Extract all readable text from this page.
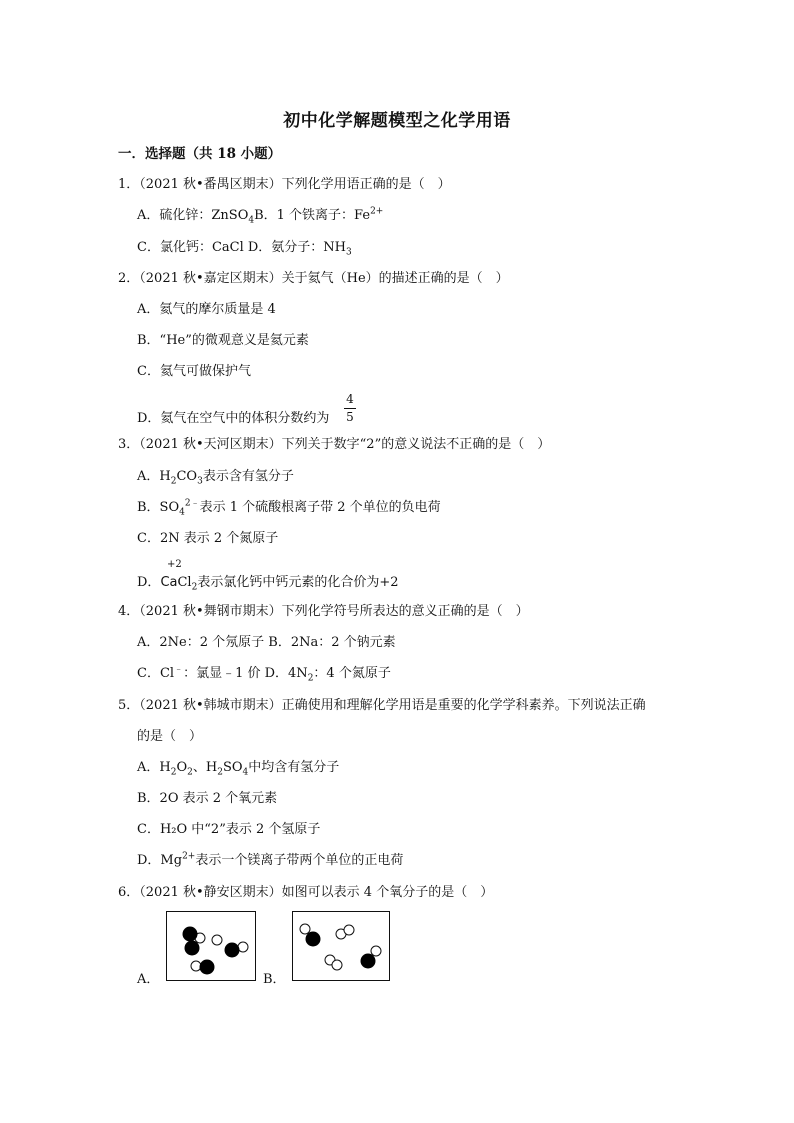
初中化学解题模型之化学用语
一．选择题（共 18 小题）
1．（2021 秋•番禺区期末）下列化学用语正确的是（　）
A．硫化锌：ZnSO$_4$B．1 个铁离子：$Fe^{2+}$
C．氯化钙：CaCl D．氨分子：$NH_3$
2．（2021 秋•嘉定区期末）关于氦气（He）的描述正确的是（　）
A．氦气的摩尔质量是 4
B．“He”的微观意义是氦元素
C．氦气可做保护气
D．氦气在空气中的体积分数约为
4
5
3．（2021 秋•天河区期末）下列关于数字“2”的意义说法不正确的是（　）
A．$H_2CO_3$表示含有氢分子
B．$SO_4^{2﹣}$表示 1 个硫酸根离子带 2 个单位的负电荷
C．2N 表示 2 个氮原子
+2
D．CaCl$_2$表示氯化钙中钙元素的化合价为+2
4．（2021 秋•舞钢市期末）下列化学符号所表达的意义正确的是（　）
A．2Ne：2 个氖原子 B．2Na：2 个钠元素
C．Cl﹣：氯显﹣1 价 D．$4N_2$：4 个氮原子
5．（2021 秋•韩城市期末）正确使用和理解化学用语是重要的化学学科素养。下列说法正确
的是（　）
A．$H_2O_2$、$H_2SO_4$中均含有氢分子
B．2O 表示 2 个氧元素
C．H₂O 中“2”表示 2 个氢原子
D．$Mg^{2+}$表示一个镁离子带两个单位的正电荷
6．（2021 秋•静安区期末）如图可以表示 4 个氧分子的是（　）
A．	B．
